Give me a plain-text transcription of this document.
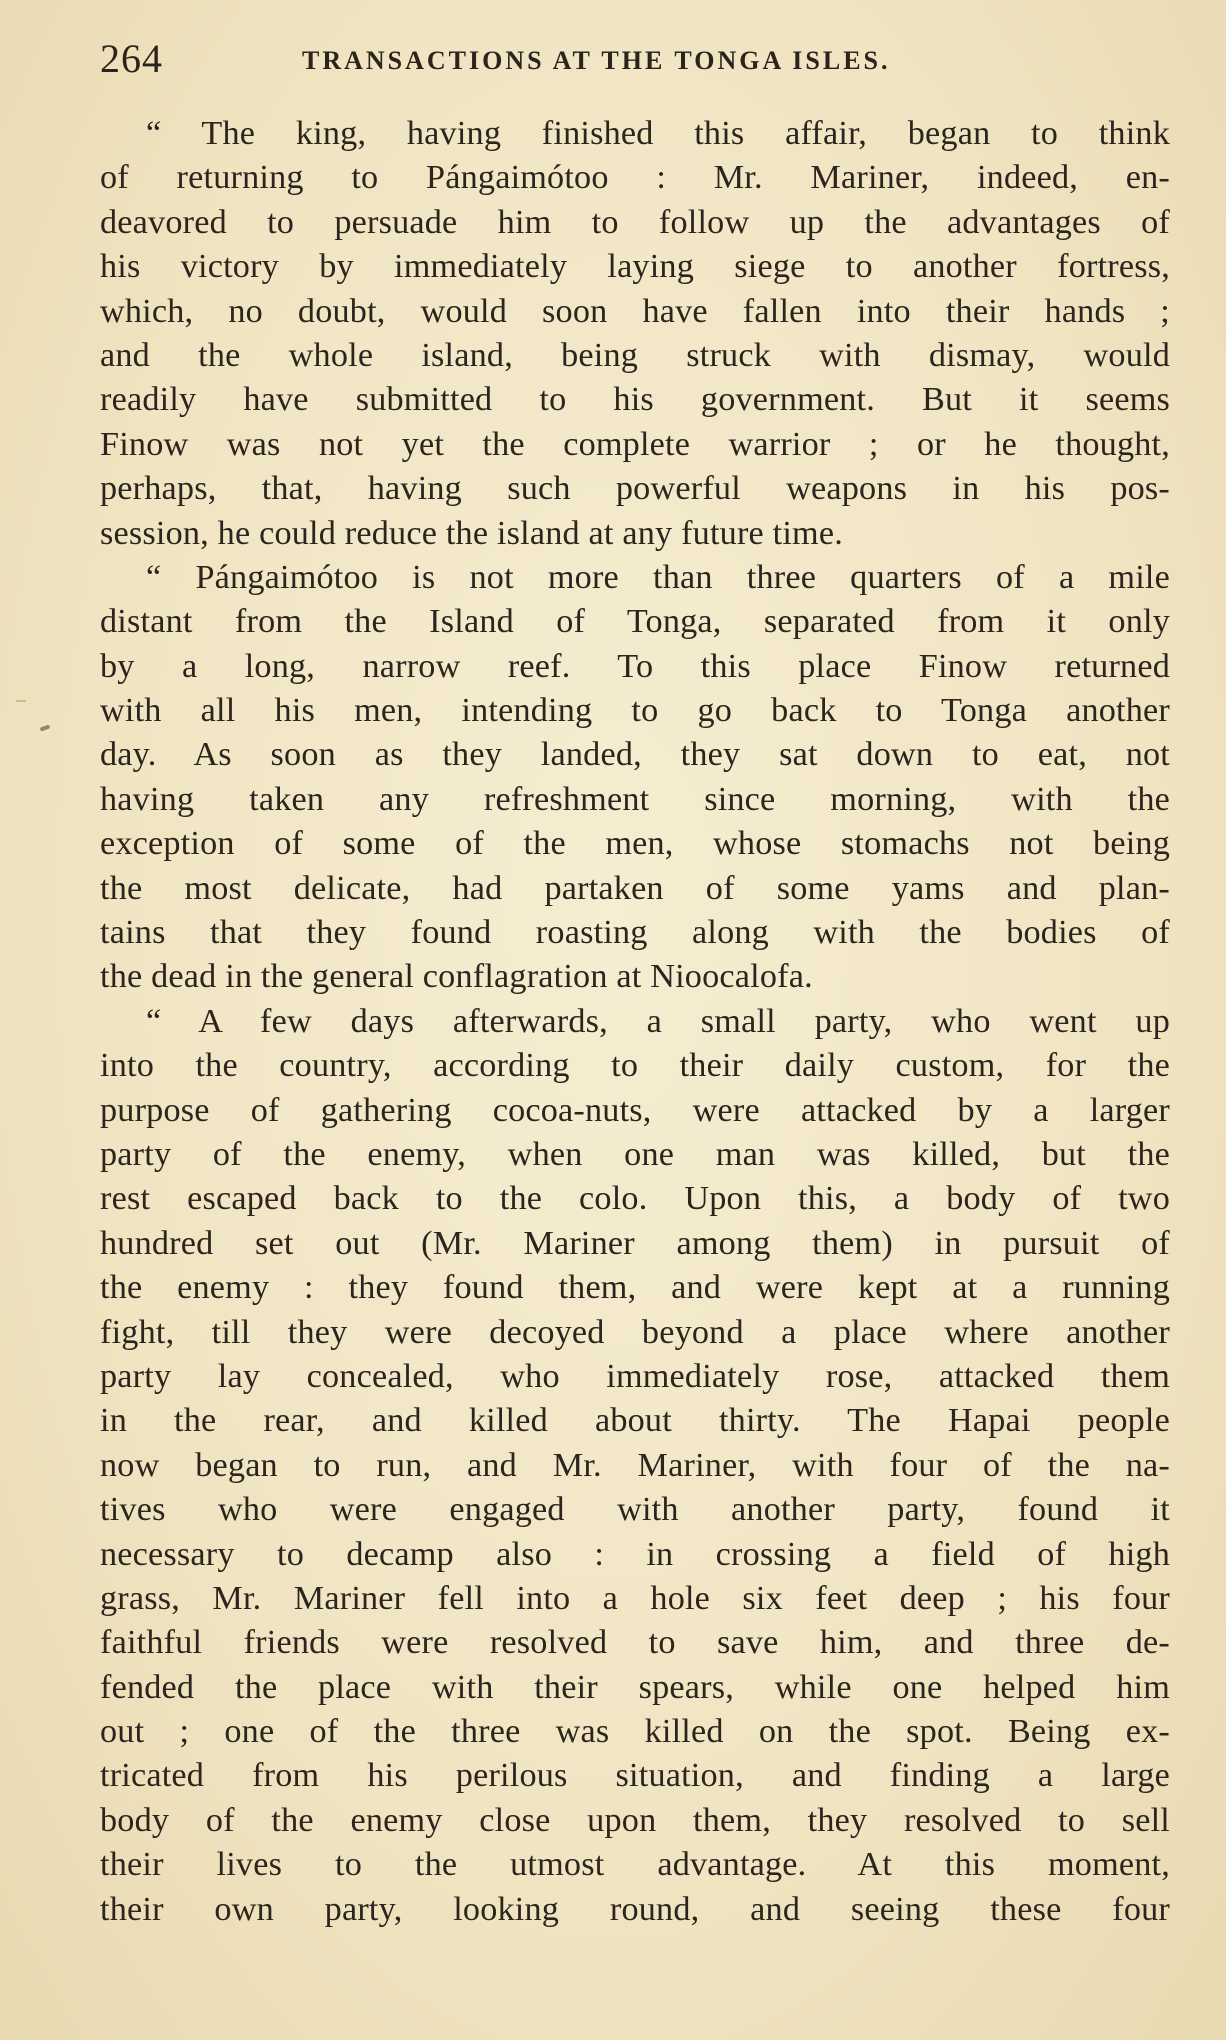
264	TRANSACTIONS AT THE TONGA ISLES.
“ The king, having finished this affair, began to think
of returning to Pángaimótoo : Mr. Mariner, indeed, en-
deavored to persuade him to follow up the advantages of
his victory by immediately laying siege to another fortress,
which, no doubt, would soon have fallen into their hands ;
and the whole island, being struck with dismay, would
readily have submitted to his government. But it seems
Finow was not yet the complete warrior ; or he thought,
perhaps, that, having such powerful weapons in his pos-
session, he could reduce the island at any future time.
“ Pángaimótoo is not more than three quarters of a mile
distant from the Island of Tonga, separated from it only
by a long, narrow reef. To this place Finow returned
with all his men, intending to go back to Tonga another
day. As soon as they landed, they sat down to eat, not
having taken any refreshment since morning, with the
exception of some of the men, whose stomachs not being
the most delicate, had partaken of some yams and plan-
tains that they found roasting along with the bodies of
the dead in the general conflagration at Nioocalofa.
“ A few days afterwards, a small party, who went up
into the country, according to their daily custom, for the
purpose of gathering cocoa-nuts, were attacked by a larger
party of the enemy, when one man was killed, but the
rest escaped back to the colo. Upon this, a body of two
hundred set out (Mr. Mariner among them) in pursuit of
the enemy : they found them, and were kept at a running
fight, till they were decoyed beyond a place where another
party lay concealed, who immediately rose, attacked them
in the rear, and killed about thirty. The Hapai people
now began to run, and Mr. Mariner, with four of the na-
tives who were engaged with another party, found it
necessary to decamp also : in crossing a field of high
grass, Mr. Mariner fell into a hole six feet deep ; his four
faithful friends were resolved to save him, and three de-
fended the place with their spears, while one helped him
out ; one of the three was killed on the spot. Being ex-
tricated from his perilous situation, and finding a large
body of the enemy close upon them, they resolved to sell
their lives to the utmost advantage. At this moment,
their own party, looking round, and seeing these four
